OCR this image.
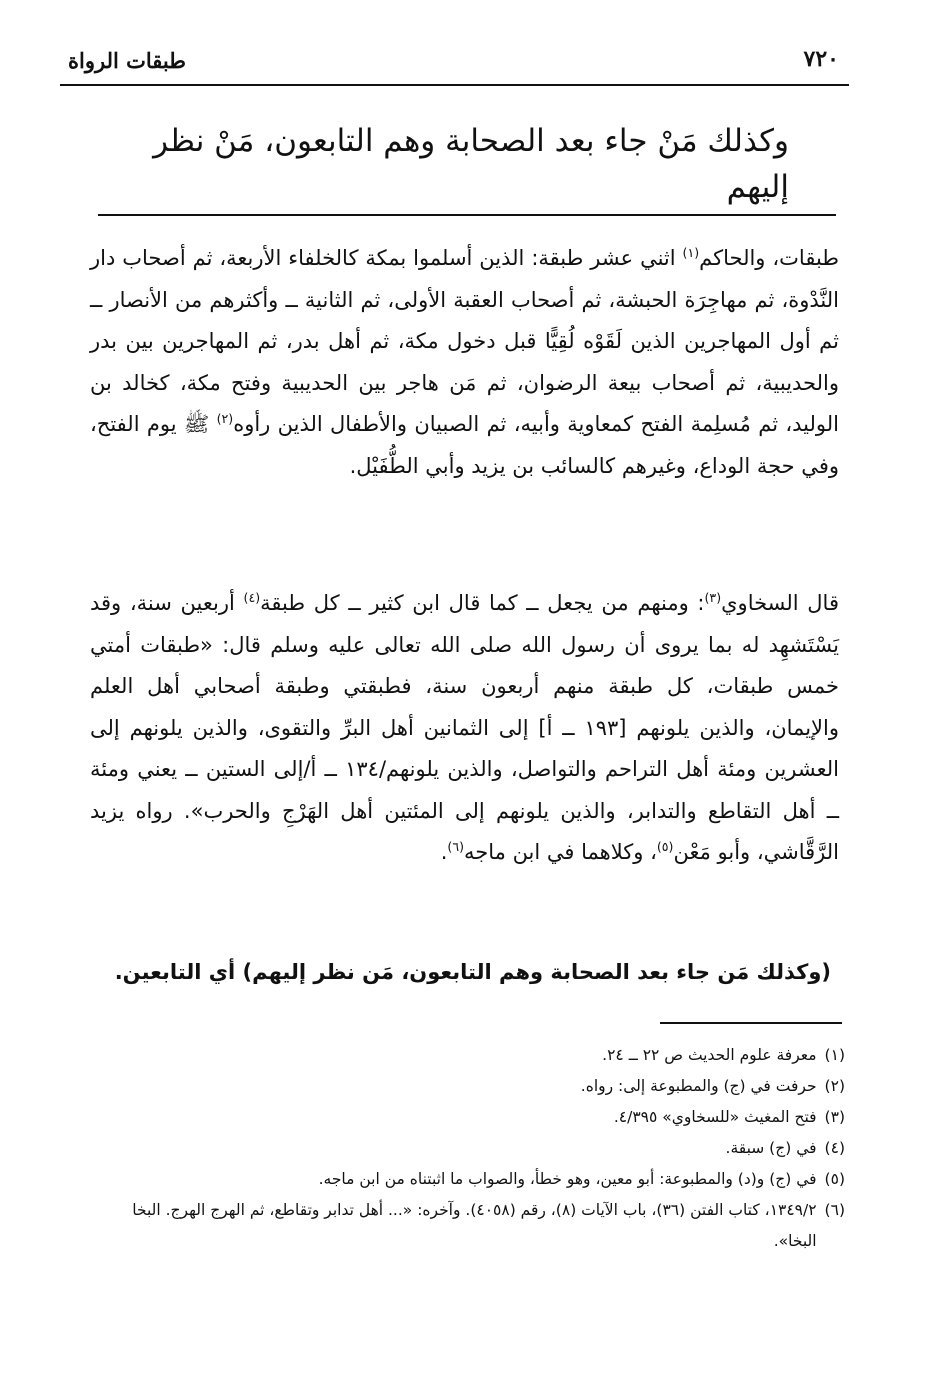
٧٢٠
طبقات الرواة
وكذلك مَنْ جاء بعد الصحابة وهم التابعون، مَنْ نظر إليهم
طبقات، والحاكم$^{(١)}$ اثني عشر طبقة: الذين أسلموا بمكة كالخلفاء الأربعة، ثم أصحاب دار النَّدْوة، ثم مهاجِرَة الحبشة، ثم أصحاب العقبة الأولى، ثم الثانية ــ وأكثرهم من الأنصار ــ ثم أول المهاجرين الذين لَقَوْه لُقِيًّا قبل دخول مكة، ثم أهل بدر، ثم المهاجرين بين بدر والحديبية، ثم أصحاب بيعة الرضوان، ثم مَن هاجر بين الحديبية وفتح مكة، كخالد بن الوليد، ثم مُسلِمة الفتح كمعاوية وأبيه، ثم الصبيان والأطفال الذين رأوه$^{(٢)}$ ﷺ يوم الفتح، وفي حجة الوداع، وغيرهم كالسائب بن يزيد وأبي الطُّفَيْل.
قال السخاوي$^{(٣)}$: ومنهم من يجعل ــ كما قال ابن كثير ــ كل طبقة$^{(٤)}$ أربعين سنة، وقد يَسْتَشهِد له بما يروى أن رسول الله صلى الله تعالى عليه وسلم قال: «طبقات أمتي خمس طبقات، كل طبقة منهم أربعون سنة، فطبقتي وطبقة أصحابي أهل العلم والإيمان، والذين يلونهم [١٩٣ ــ أ] إلى الثمانين أهل البرِّ والتقوى، والذين يلونهم إلى العشرين ومئة أهل التراحم والتواصل، والذين يلونهم/١٣٤ ــ أ/إلى الستين ــ يعني ومئة ــ أهل التقاطع والتدابر، والذين يلونهم إلى المئتين أهل الهَرْجِ والحرب». رواه يزيد الرَّقَّاشي، وأبو مَعْن$^{(٥)}$، وكلاهما في ابن ماجه$^{(٦)}$.
(وكذلك مَن جاء بعد الصحابة وهم التابعون، مَن نظر إليهم) أي التابعين.
(١)
معرفة علوم الحديث ص ٢٢ ــ ٢٤.
(٢)
حرفت في (ج) والمطبوعة إلى: رواه.
(٣)
فتح المغيث «للسخاوي» ٤/٣٩٥.
(٤)
في (ج) سبقة.
(٥)
في (ج) و(د) والمطبوعة: أبو معين، وهو خطأ، والصواب ما اثبتناه من ابن ماجه.
(٦)
١٣٤٩/٢، كتاب الفتن (٣٦)، باب الآيات (٨)، رقم (٤٠٥٨). وآخره: «... أهل تدابر وتقاطع، ثم الهرج الهرج. البخا البخا».
